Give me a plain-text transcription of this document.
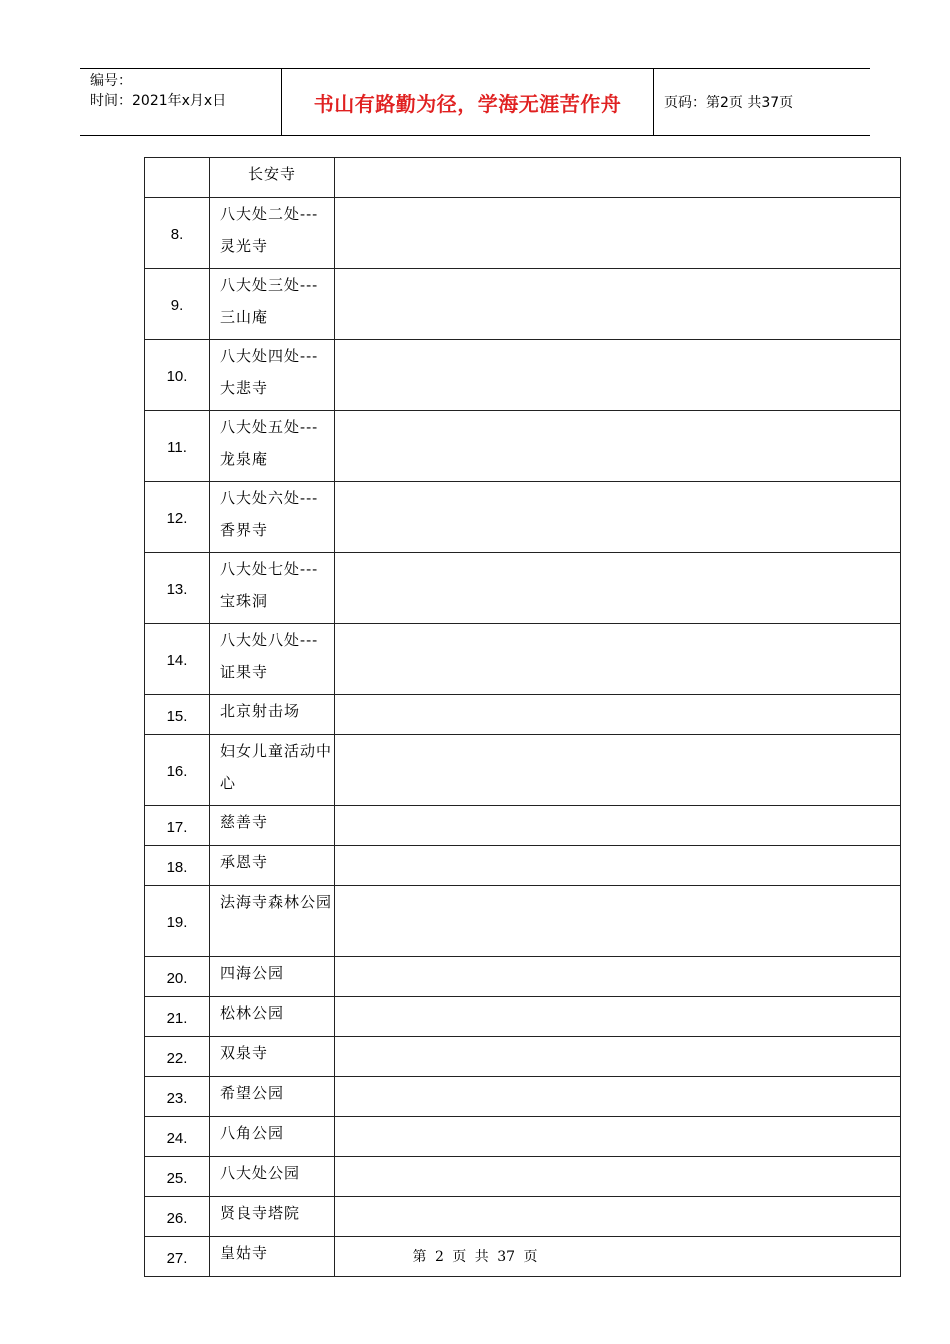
编号：
时间：2021年x月x日	书山有路勤为径，学海无涯苦作舟	页码：第2页 共37页
	长安寺	
8.	八大处二处---灵光寺	
9.	八大处三处---三山庵	
10.	八大处四处---大悲寺	
11.	八大处五处---龙泉庵	
12.	八大处六处---香界寺	
13.	八大处七处---宝珠洞	
14.	八大处八处---证果寺	
15.	北京射击场	
16.	妇女儿童活动中心	
17.	慈善寺	
18.	承恩寺	
19.	法海寺森林公园	
20.	四海公园	
21.	松林公园	
22.	双泉寺	
23.	希望公园	
24.	八角公园	
25.	八大处公园	
26.	贤良寺塔院	
27.	皇姑寺		第 2 页 共 37 页
